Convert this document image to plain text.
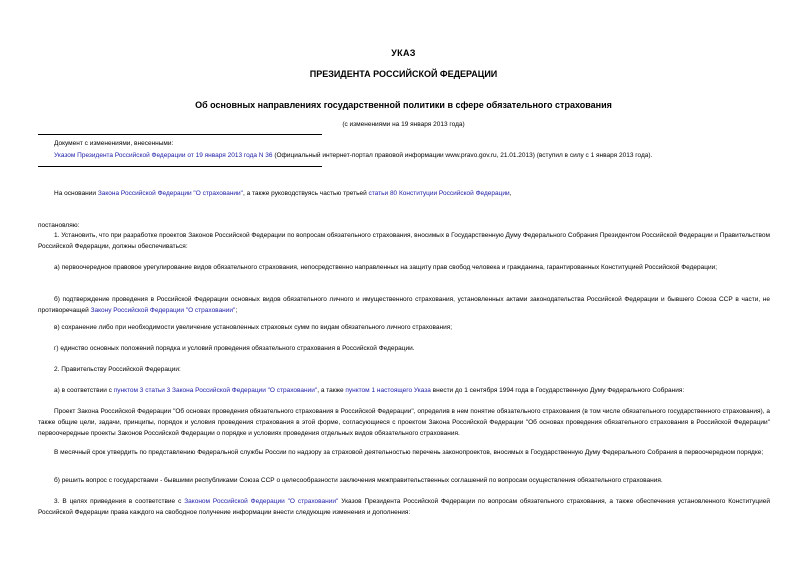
УКАЗ
ПРЕЗИДЕНТА РОССИЙСКОЙ ФЕДЕРАЦИИ
Об основных направлениях государственной политики в сфере обязательного страхования
(с изменениями на 19 января 2013 года)

Документ с изменениями, внесенными:

Указом Президента Российской Федерации от 19 января 2013 года N 36 (Официальный интернет-портал правовой информации www.pravo.gov.ru, 21.01.2013) (вступил в силу с 1 января 2013 года).

На основании Закона Российской Федерации "О страховании", а также руководствуясь частью третьей статьи 80 Конституции Российской Федерации,

постановляю:

1. Установить, что при разработке проектов Законов Российской Федерации по вопросам обязательного страхования, вносимых в Государственную Думу Федерального Собрания Президентом Российской Федерации и Правительством Российской Федерации, должны обеспечиваться:

а) первоочередное правовое урегулирование видов обязательного страхования, непосредственно направленных на защиту прав свобод человека и гражданина, гарантированных Конституцией Российской Федерации;

б) подтверждение проведения в Российской Федерации основных видов обязательного личного и имущественного страхования, установленных актами законодательства Российской Федерации и бывшего Союза ССР в части, не противоречащей Закону Российской Федерации "О страховании";

в) сохранение либо при необходимости увеличение установленных страховых сумм по видам обязательного личного страхования;

г) единство основных положений порядка и условий проведения обязательного страхования в Российской Федерации.

2. Правительству Российской Федерации:

а) в соответствии с пунктом 3 статьи 3 Закона Российской Федерации "О страховании", а также пунктом 1 настоящего Указа внести до 1 сентября 1994 года в Государственную Думу Федерального Собрания:

Проект Закона Российской Федерации "Об основах проведения обязательного страхования в Российской Федерации", определив в нем понятие обязательного страхования (в том числе обязательного государственного страхования), а также общие цели, задачи, принципы, порядок и условия проведения страхования в этой форме, согласующиеся с проектом Закона Российской Федерации "Об основах проведения обязательного страхования в Российской Федерации" первоочередные проекты Законов Российской Федерации о порядке и условиях проведения отдельных видов обязательного страхования.

В месячный срок утвердить по представлению Федеральной службы России по надзору за страховой деятельностью перечень законопроектов, вносимых в Государственную Думу Федерального Собрания в первоочередном порядке;

б) решить вопрос с государствами - бывшими республиками Союза ССР о целесообразности заключения межправительственных соглашений по вопросам осуществления обязательного страхования.

3. В целях приведения в соответствие с Законом Российской Федерации "О страховании" Указов Президента Российской Федерации по вопросам обязательного страхования, а также обеспечения установленного Конституцией Российской Федерации права каждого на свободное получение информации внести следующие изменения и дополнения:
